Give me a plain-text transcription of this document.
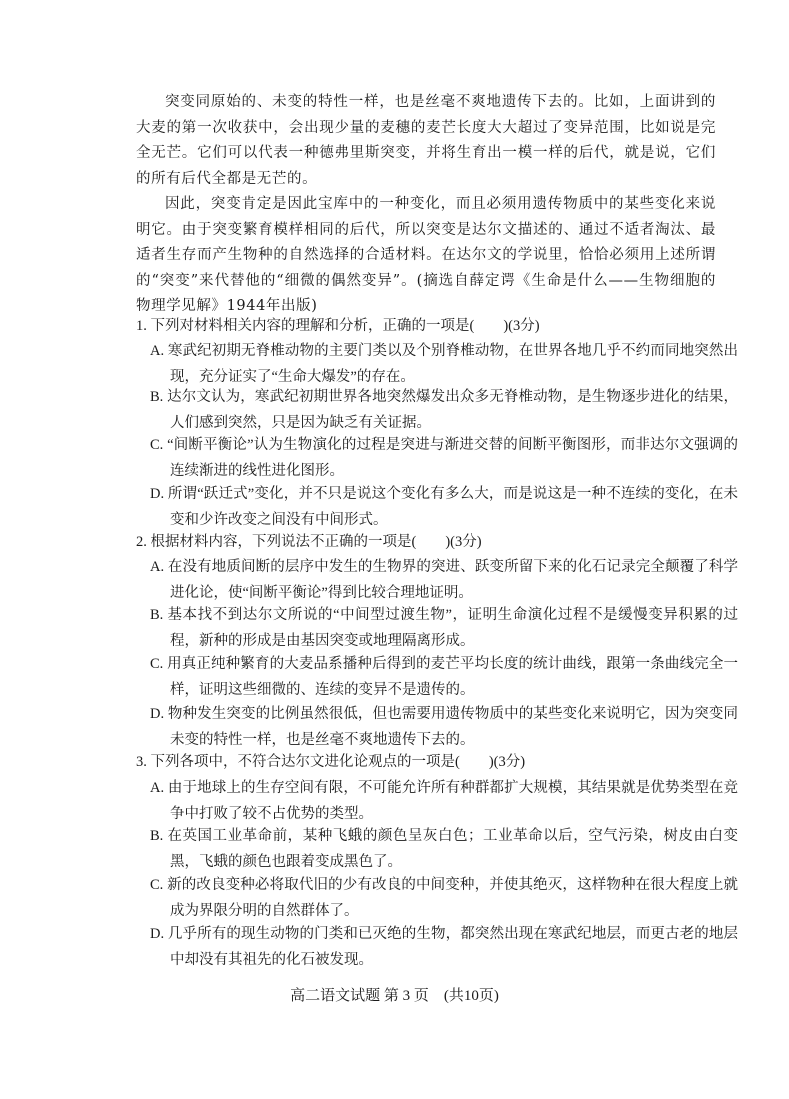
突变同原始的、未变的特性一样，也是丝毫不爽地遗传下去的。比如，上面讲到的大麦的第一次收获中，会出现少量的麦穗的麦芒长度大大超过了变异范围，比如说是完全无芒。它们可以代表一种德弗里斯突变，并将生育出一模一样的后代，就是说，它们的所有后代全都是无芒的。

因此，突变肯定是因此宝库中的一种变化，而且必须用遗传物质中的某些变化来说明它。由于突变繁育模样相同的后代，所以突变是达尔文描述的、通过不适者淘汰、最适者生存而产生物种的自然选择的合适材料。在达尔文的学说里，恰恰必须用上述所谓的“突变”来代替他的“细微的偶然变异”。(摘选自薛定谔《生命是什么——生物细胞的物理学见解》1944年出版)

1. 下列对材料相关内容的理解和分析，正确的一项是(　　)(3分)

A. 寒武纪初期无脊椎动物的主要门类以及个别脊椎动物，在世界各地几乎不约而同地突然出现，充分证实了“生命大爆发”的存在。

B. 达尔文认为，寒武纪初期世界各地突然爆发出众多无脊椎动物，是生物逐步进化的结果，人们感到突然，只是因为缺乏有关证据。

C. “间断平衡论”认为生物演化的过程是突进与渐进交替的间断平衡图形，而非达尔文强调的连续渐进的线性进化图形。

D. 所谓“跃迁式”变化，并不只是说这个变化有多么大，而是说这是一种不连续的变化，在未变和少许改变之间没有中间形式。

2. 根据材料内容，下列说法不正确的一项是(　　)(3分)

A. 在没有地质间断的层序中发生的生物界的突进、跃变所留下来的化石记录完全颠覆了科学进化论，使“间断平衡论”得到比较合理地证明。

B. 基本找不到达尔文所说的“中间型过渡生物”，证明生命演化过程不是缓慢变异积累的过程，新种的形成是由基因突变或地理隔离形成。

C. 用真正纯种繁育的大麦品系播种后得到的麦芒平均长度的统计曲线，跟第一条曲线完全一样，证明这些细微的、连续的变异不是遗传的。

D. 物种发生突变的比例虽然很低，但也需要用遗传物质中的某些变化来说明它，因为突变同未变的特性一样，也是丝毫不爽地遗传下去的。

3. 下列各项中，不符合达尔文进化论观点的一项是(　　)(3分)

A. 由于地球上的生存空间有限，不可能允许所有种群都扩大规模，其结果就是优势类型在竞争中打败了较不占优势的类型。

B. 在英国工业革命前，某种飞蛾的颜色呈灰白色；工业革命以后，空气污染，树皮由白变黑，飞蛾的颜色也跟着变成黑色了。

C. 新的改良变种必将取代旧的少有改良的中间变种，并使其绝灭，这样物种在很大程度上就成为界限分明的自然群体了。

D. 几乎所有的现生动物的门类和已灭绝的生物，都突然出现在寒武纪地层，而更古老的地层中却没有其祖先的化石被发现。

高二语文试题 第 3 页　(共10页)
